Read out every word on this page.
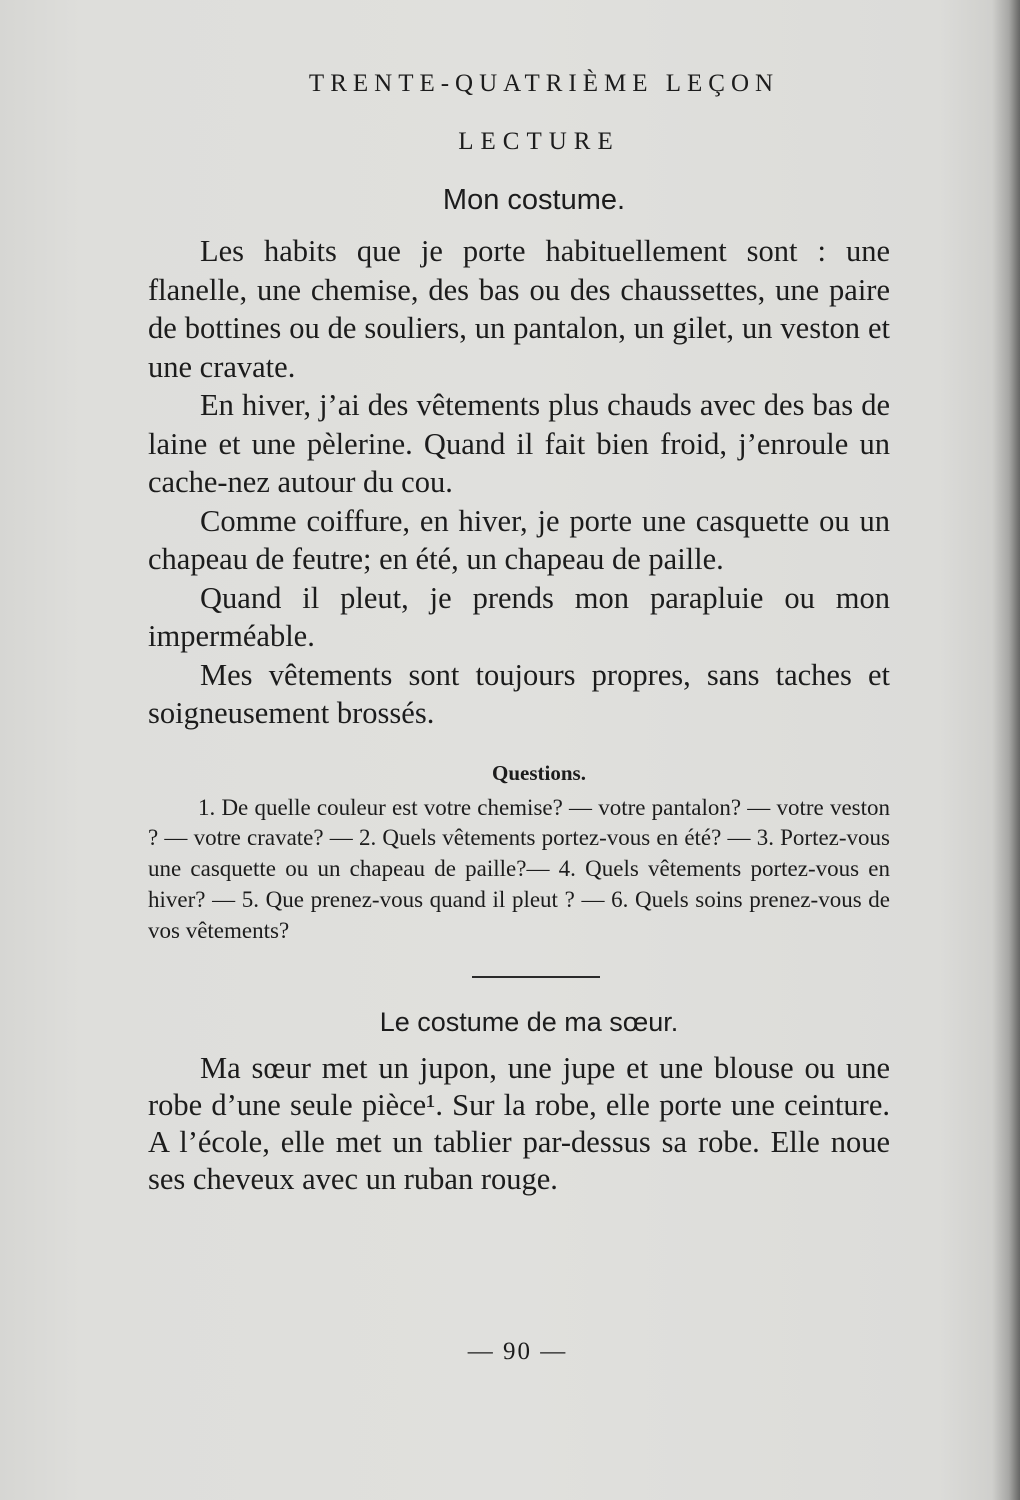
TRENTE-QUATRIÈME LEÇON
LECTURE
Mon costume.

Les habits que je porte habituellement sont : une flanelle, une chemise, des bas ou des chaussettes, une paire de bottines ou de souliers, un pantalon, un gilet, un veston et une cravate.

En hiver, j’ai des vêtements plus chauds avec des bas de laine et une pèlerine. Quand il fait bien froid, j’enroule un cache-nez autour du cou.

Comme coiffure, en hiver, je porte une casquette ou un chapeau de feutre; en été, un chapeau de paille.

Quand il pleut, je prends mon parapluie ou mon imperméable.

Mes vêtements sont toujours propres, sans taches et soigneusement brossés.

Questions.

1. De quelle couleur est votre chemise? — votre pantalon? — votre veston ? — votre cravate? — 2. Quels vêtements portez-vous en été? — 3. Portez-vous une casquette ou un chapeau de paille?— 4. Quels vêtements portez-vous en hiver? — 5. Que prenez-vous quand il pleut ? — 6. Quels soins prenez-vous de vos vêtements?

Le costume de ma sœur.

Ma sœur met un jupon, une jupe et une blouse ou une robe d’une seule pièce¹. Sur la robe, elle porte une ceinture. A l’école, elle met un tablier par-dessus sa robe. Elle noue ses cheveux avec un ruban rouge.

— 90 —
